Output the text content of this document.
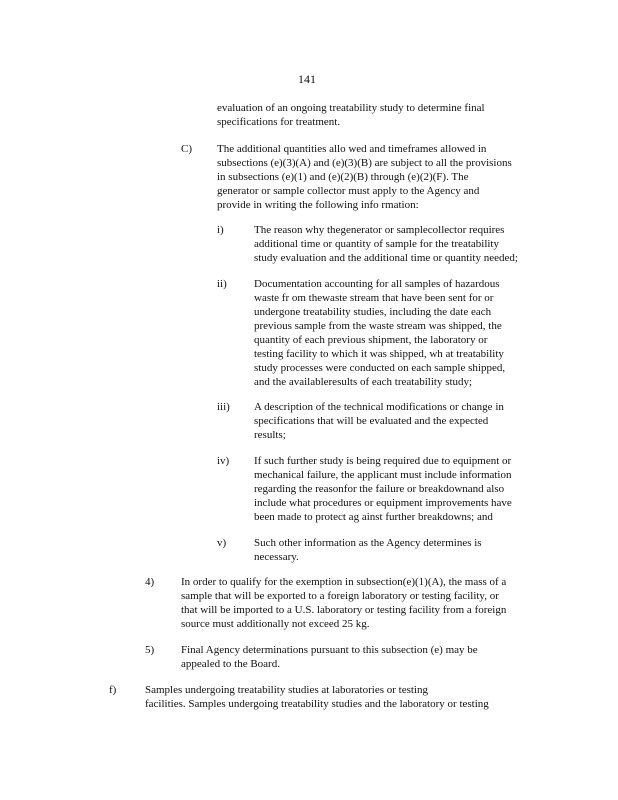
141
evaluation of an ongoing treatability study to determine final
specifications for treatment.
C) The additional quantities allo wed and timeframes allowed in
subsections (e)(3)(A) and (e)(3)(B) are subject to all the provisions
in subsections (e)(1) and (e)(2)(B) through (e)(2)(F). The
generator or sample collector must apply to the Agency and
provide in writing the following info rmation:
i)	The reason why thegenerator or samplecollector requires
additional time or quantity of sample for the treatability
study evaluation and the additional time or quantity needed;
ii) Documentation accounting for all samples of hazardous
waste fr om thewaste stream that have been sent for or
undergone treatability studies, including the date each
previous sample from the waste stream was shipped, the
quantity of each previous shipment, the laboratory or
testing facility to which it was shipped, wh at treatability
study processes were conducted on each sample shipped,
and the availableresults of each treatability study;
iii) A description of the technical modifications or change in
specifications that will be evaluated and the expected
results;
iv) If such further study is being required due to equipment or
mechanical failure, the applicant must include information
regarding the reasonfor the failure or breakdownand also
include what procedures or equipment improvements have
been made to protect ag ainst further breakdowns; and
v)	Such other information as the Agency determines is
necessary.
4) In order to qualify for the exemption in subsection(e)(1)(A), the mass of a
sample that will be exported to a foreign laboratory or testing facility, or
that will be imported to a U.S. laboratory or testing facility from a foreign
source must additionally not exceed 25 kg.
5) Final Agency determinations pursuant to this subsection (e) may be
appealed to the Board.
f)	Samples undergoing treatability studies at laboratories or testing
facilities. Samples undergoing treatability studies and the laboratory or testing
